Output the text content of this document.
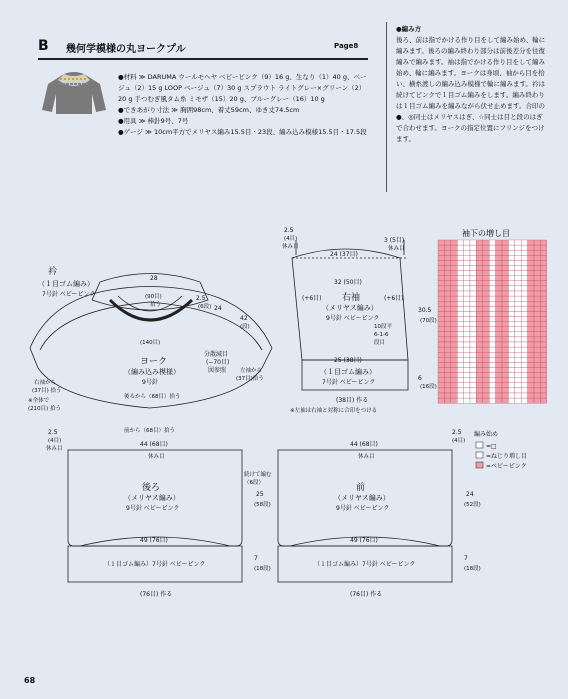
B 幾何学模様の丸ヨークプル	Page8

●材料 ≫ DARUMA ウールモヘヤ ベビーピンク（9）16 g、生なり（1）40 g、ベージュ（2）15 g LOOP ベージュ（7）30 g スプラウト ライトグレー×グリーン（2）20 g 手つむぎ風タム糸 ミモザ（15）20 g、ブルーグレー（16）10 g

●できあがり寸法 ≫ 胸囲98cm、着丈59cm、ゆき丈74.5cm

●用具 ≫ 棒針9号、7号

●ゲージ ≫ 10cm平方でメリヤス編み15.5目・23段、編み込み模様15.5目・17.5段

●編み方

後ろ、前は指でかける作り目をして編み始め、輪に編みます。後ろの編み終わり部分は前後差分を往復編みで編みます。袖は指でかける作り目をして編み始め、輪に編みます。ヨークは身頃、袖から目を拾い、横糸渡しの編み込み模様で輪に編みます。衿は続けてピンクで１目ゴム編みをします。編み終わりは１目ゴム編みを編みながら伏せ止めます。合印の●、◎同士はメリヤスはぎ、☆同士は目と段のはぎで合わせます。ヨークの指定位置にフリンジをつけます。

衿
（１目ゴム編み）
7号針 ベビーピンク
28
(90目)
拾う
2.5
(6段)
ヨーク
（編み込み模様）
9号針
分散減目
(−70目)
図参照
(140目)
後ろから（68目）拾う
前から（68目）拾う
右袖から
(37目) 拾う
左袖から
(37目)拾う
※全体で
(210目) 拾う
24
42
(段)
右袖
（メリヤス編み）
9号針 ベビーピンク
24 (37目)
32 (50目)
25 (38目)
(38目) 作る
（１目ゴム編み）
7号針 ベビーピンク
(+6目)	(+6目)
10段平
6-1-6
段目
30.5
(70段)
6
(16段)
3 (5目)
休み目
※左袖は右袖と対称に合印をつける
休み目
2.5
(4目)
後ろ
（メリヤス編み）
9号針 ベビーピンク
44 (68目)
休み目
49 (76目)
（１目ゴム編み）7号針 ベビーピンク
(76目) 作る
2.5
(4目)
休み目
25
(58段)
7
(18段)
続けて編む
（6段）	前
（メリヤス編み）
9号針 ベビーピンク
44 (68目)
休み目
49 (76目)
（１目ゴム編み）7号針 ベビーピンク
(76目) 作る
2.5
(4目)
24
(52段)
7
(18段)
袖下の増し目
編み始め
=□
=ねじり増し目
=ベビーピンク
68
